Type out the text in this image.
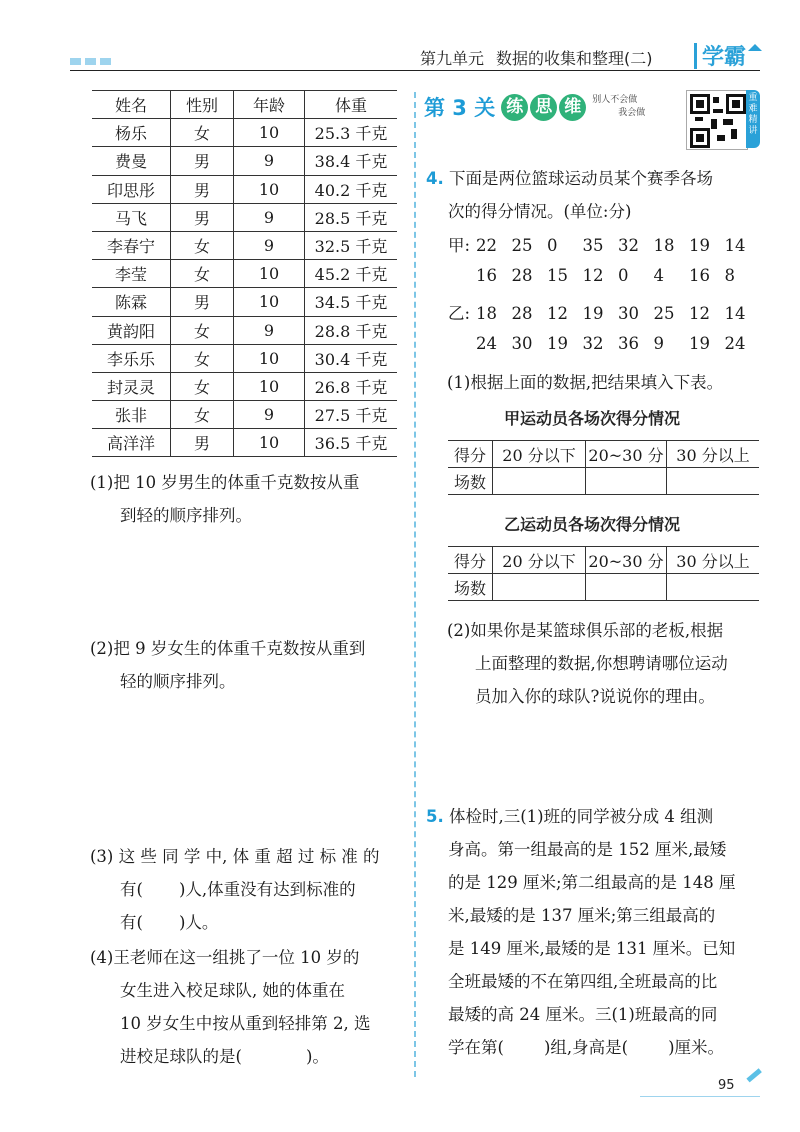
第九单元 数据的收集和整理(二) 学霸
姓名	性别	年龄	体重
杨乐	女	10	25.3 千克
费曼	男	9	38.4 千克
印思彤	男	10	40.2 千克
马飞	男	9	28.5 千克
李春宁	女	9	32.5 千克
李莹	女	10	45.2 千克
陈霖	男	10	34.5 千克
黄韵阳	女	9	28.8 千克
李乐乐	女	10	30.4 千克
封灵灵	女	10	26.8 千克
张非	女	9	27.5 千克
高洋洋	男	10	36.5 千克
(1)把 10 岁男生的体重千克数按从重
到轻的顺序排列。
(2)把 9 岁女生的体重千克数按从重到
轻的顺序排列。
(3) 这 些 同 学 中, 体 重 超 过 标 准 的
有( )人,体重没有达到标准的
有( )人。
(4)王老师在这一组挑了一位 10 岁的
女生进入校足球队, 她的体重在
10 岁女生中按从重到轻排第 2, 选
进校足球队的是(	)。
第 3 关 练 思 维	别人不会做
我会做
重难精讲
4. 下面是两位篮球运动员某个赛季各场
次的得分情况。(单位:分)
甲: 22 25 0 35 32 18 19 14
16 28 15 12 0 4 16 8
乙: 18 28 12 19 30 25 12 14
24 30 19 32 36 9 19 24
(1)根据上面的数据,把结果填入下表。
甲运动员各场次得分情况
得分	20 分以下	20~30 分	30 分以上
场数			
乙运动员各场次得分情况
得分	20 分以下	20~30 分	30 分以上
场数			
(2)如果你是某篮球俱乐部的老板,根据
上面整理的数据,你想聘请哪位运动
员加入你的球队?说说你的理由。
5. 体检时,三(1)班的同学被分成 4 组测
身高。第一组最高的是 152 厘米,最矮
的是 129 厘米;第二组最高的是 148 厘
米,最矮的是 137 厘米;第三组最高的
是 149 厘米,最矮的是 131 厘米。已知
全班最矮的不在第四组,全班最高的比
最矮的高 24 厘米。三(1)班最高的同
学在第( )组,身高是( )厘米。
95
